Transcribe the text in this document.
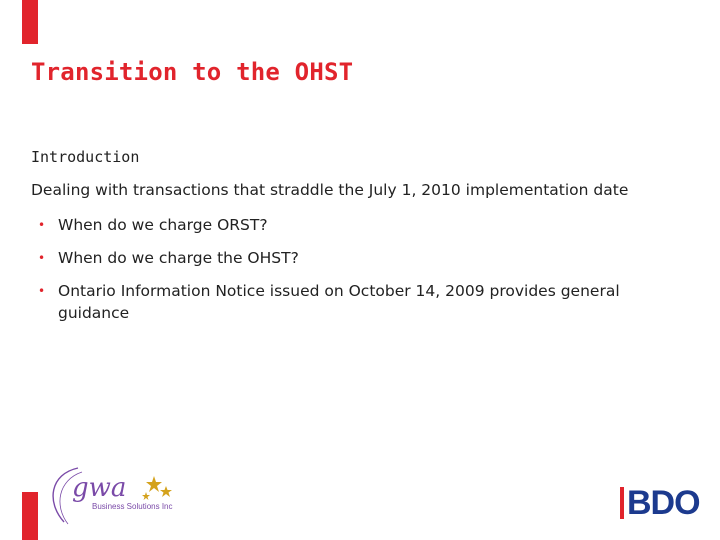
Transition to the OHST
Introduction
Dealing with transactions that straddle the July 1, 2010 implementation date
• When do we charge ORST?
• When do we charge the OHST?
• Ontario Information Notice issued on October 14, 2009 provides general guidance
gwa
Business Solutions Inc	BDO
